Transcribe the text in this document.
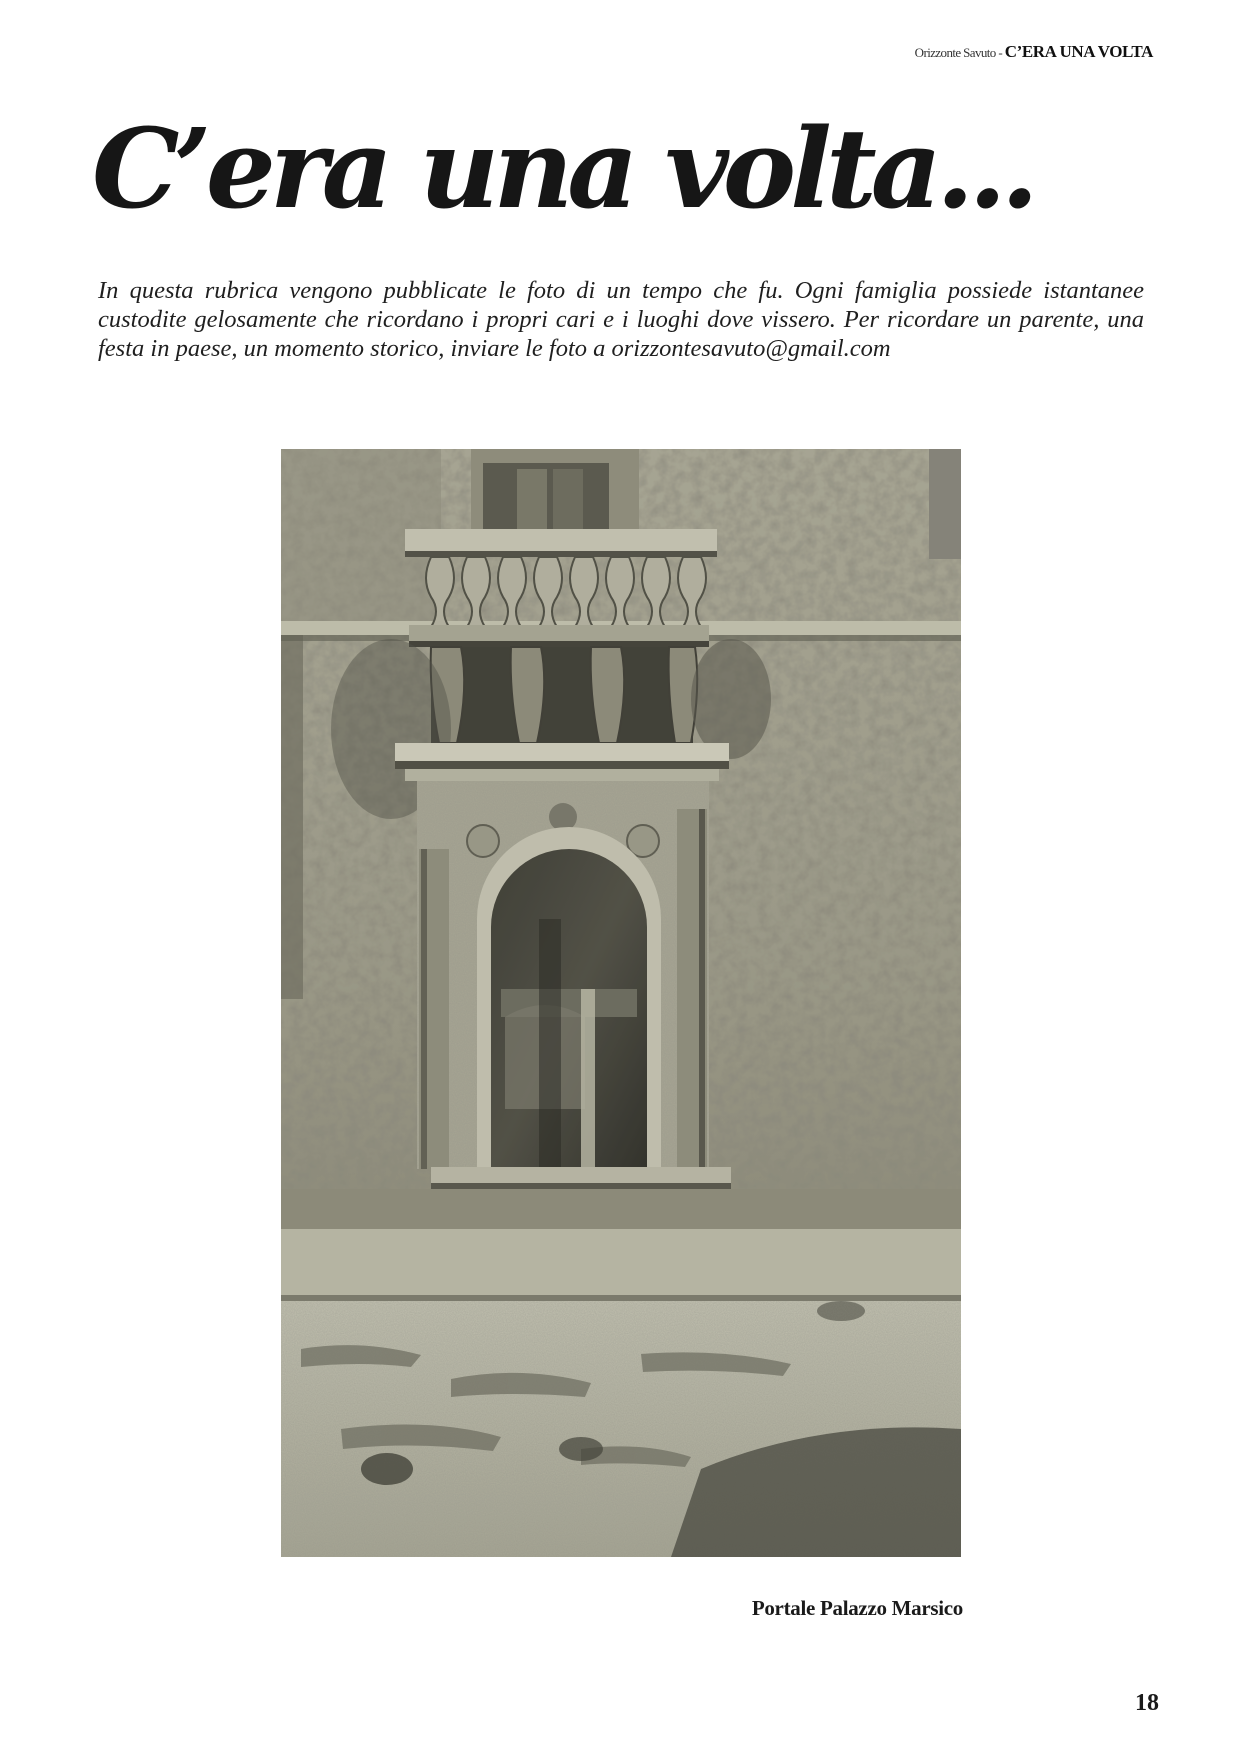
Orizzonte Savuto - C’ERA UNA VOLTA
C’era una volta...

In questa rubrica vengono pubblicate le foto di un tempo che fu. Ogni famiglia possiede istantanee custodite gelosamente che ricordano i propri cari e i luoghi dove vissero. Per ricordare un parente, una festa in paese, un momento storico, inviare le foto a orizzontesavuto@gmail.com

Portale Palazzo Marsico
18
